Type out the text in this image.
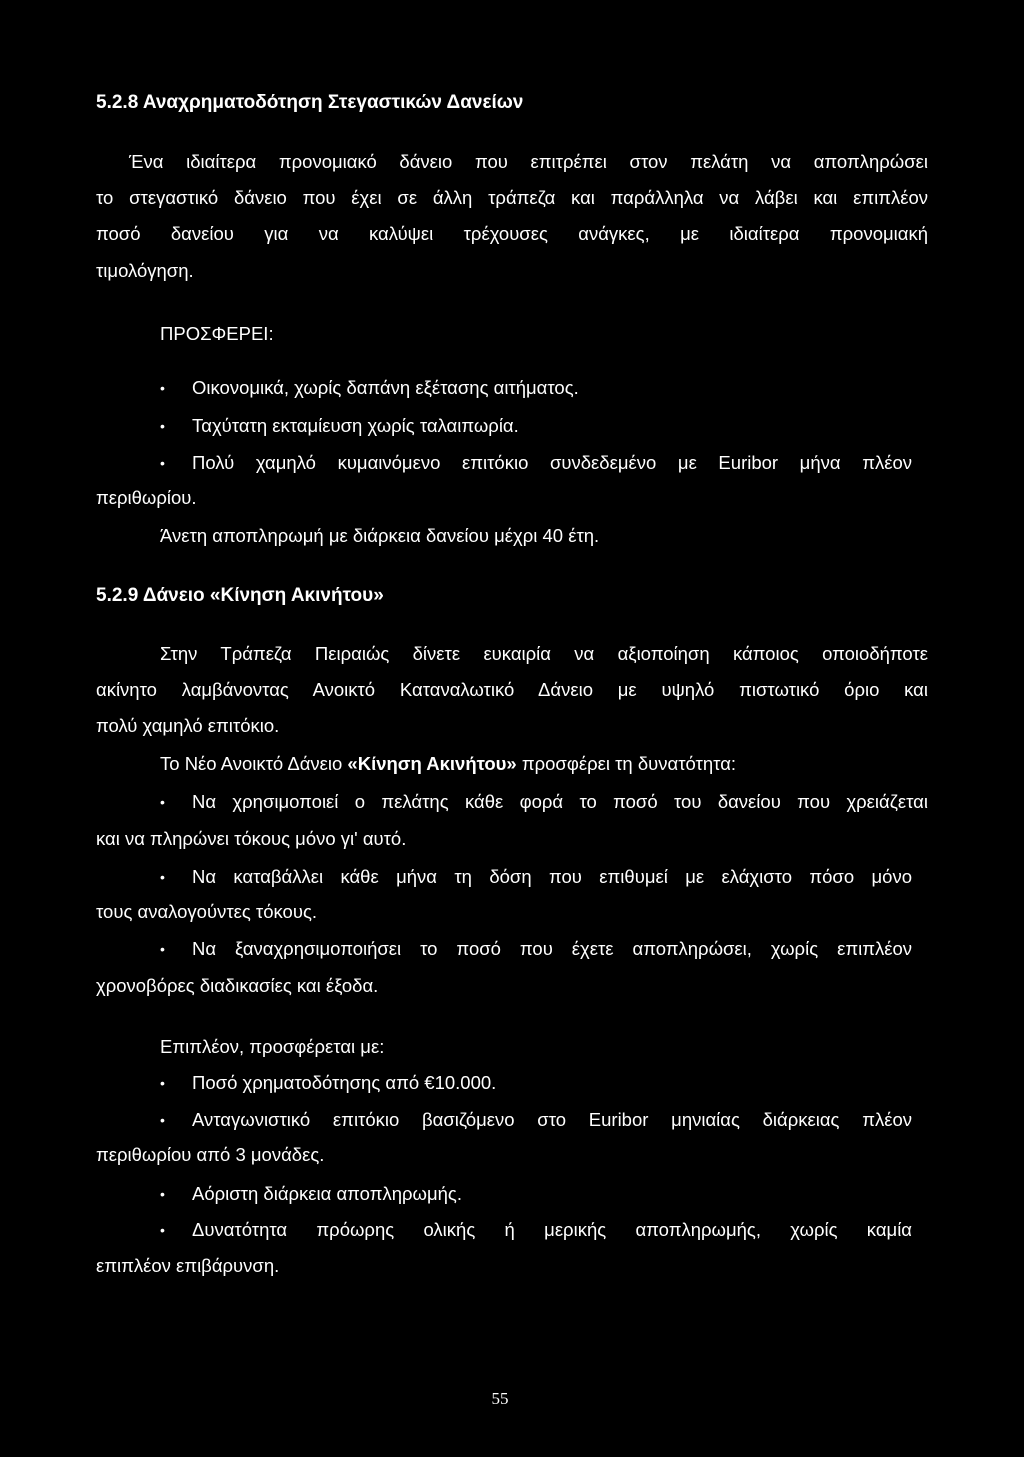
5.2.8 Αναχρηματοδότηση Στεγαστικών Δανείων
Ένα ιδιαίτερα προνομιακό δάνειο που επιτρέπει στον πελάτη να αποπληρώσει
το στεγαστικό δάνειο που έχει σε άλλη τράπεζα και παράλληλα να λάβει και επιπλέον
ποσό δανείου για να καλύψει τρέχουσες ανάγκες, με ιδιαίτερα προνομιακή
τιμολόγηση.
ΠΡΟΣΦΕΡΕΙ:
• Οικονομικά, χωρίς δαπάνη εξέτασης αιτήματος.
• Ταχύτατη εκταμίευση χωρίς ταλαιπωρία.
• Πολύ χαμηλό κυμαινόμενο επιτόκιο συνδεδεμένο με Euribor μήνα πλέον
περιθωρίου.
Άνετη αποπληρωμή με διάρκεια δανείου μέχρι 40 έτη.
5.2.9 Δάνειο «Κίνηση Ακινήτου»
Στην Τράπεζα Πειραιώς δίνετε ευκαιρία να αξιοποίηση κάποιος οποιοδήποτε
ακίνητο λαμβάνοντας Ανοικτό Καταναλωτικό Δάνειο με υψηλό πιστωτικό όριο και
πολύ χαμηλό επιτόκιο.
Το Νέο Ανοικτό Δάνειο «Κίνηση Ακινήτου» προσφέρει τη δυνατότητα:
• Να χρησιμοποιεί ο πελάτης κάθε φορά το ποσό του δανείου που χρειάζεται
και να πληρώνει τόκους μόνο γι' αυτό.
• Να καταβάλλει κάθε μήνα τη δόση που επιθυμεί με ελάχιστο πόσο μόνο
τους αναλογούντες τόκους.
• Να ξαναχρησιμοποιήσει το ποσό που έχετε αποπληρώσει, χωρίς επιπλέον
χρονοβόρες διαδικασίες και έξοδα.
Επιπλέον, προσφέρεται με:
• Ποσό χρηματοδότησης από €10.000.
• Ανταγωνιστικό επιτόκιο βασιζόμενο στο Euribor μηνιαίας διάρκειας πλέον
περιθωρίου από 3 μονάδες.
• Αόριστη διάρκεια αποπληρωμής.
• Δυνατότητα πρόωρης ολικής ή μερικής αποπληρωμής, χωρίς καμία
επιπλέον επιβάρυνση.
55
